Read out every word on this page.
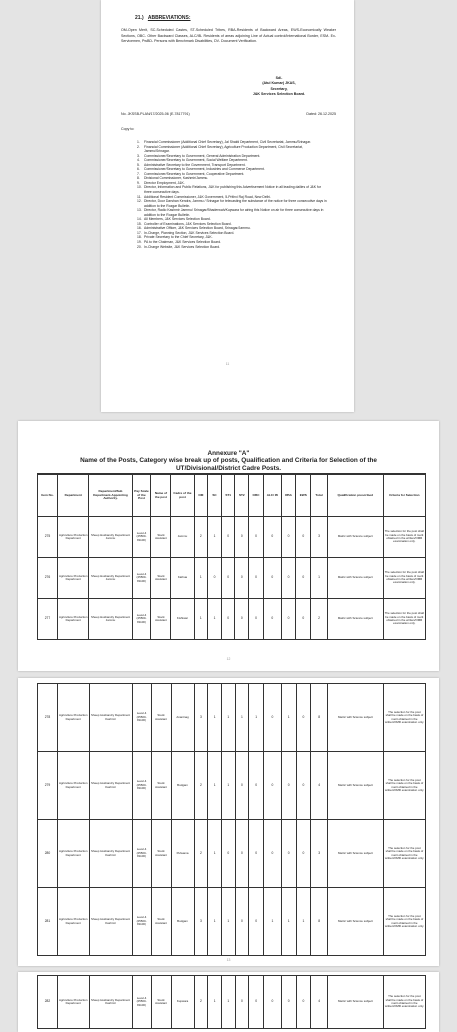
21.) ABBREVIATIONS:
OM-Open Merit, SC-Scheduled Castes, ST-Scheduled Tribes, RBA-Residents of Backward Areas, EWS-Economically Weaker Sections, OBC- Other Backward Classes, ALC/IB- Residents of areas adjoining Line of Actual control/International Border, ESM- Ex-Servicemen, PwBD- Persons with Benchmark Disabilities, DV- Document Verification.
Sd/-
(Atul Kumar) JKAS,
Secretary,
J&K Services Selection Board.
No. JKSSB-PLAN/17/2025-06 (E-7817791)	Dated: 26.12.2025
Copy to:
1.	Financial Commissioner (Additional Chief Secretary), Jal Shakti Department, Civil Secretariat, Jammu/Srinagar.
2.	Financial Commissioner (Additional Chief Secretary), Agriculture Production Department, Civil Secretariat, Jammu/Srinagar.
3.	Commissioner/Secretary to Government, General Administration Department.
4.	Commissioner/Secretary to Government, Social Welfare Department.
5.	Administrative Secretary to the Government, Transport Department.
6.	Commissioner/Secretary to Government, Industries and Commerce Department.
7.	Commissioner/Secretary to Government, Cooperative Department.
8.	Divisional Commissioner, Kashmir/Jammu.
9.	Director Employment, J&K.
10. Director, Information and Public Relations, J&K for publishing this Advertisement Notice in all leading dailies of J&K for three consecutive days.
11. Additional Resident Commissioner, J&K Government, 5-Prithvi Raj Road, New Delhi.
12. Director, Door Darshan Kendra, Jammu / Srinagar for telecasting the substance of the notice for three consecutive days in addition to the Rozgar Bulletin.
13. Director, Radio Kashmir Jammu/ Srinagar/Bhaderwah/Kupwara for airing this Notice on air for three consecutive days in addition to the Rozgar Bulletin.
14. All Members, J&K Services Selection Board.
15. Controller of Examinations, J&K Services Selection Board.
16. Administrative Officer, J&K Services Selection Board, Srinagar/Jammu.
17. In-Charge, Planning Section, J&K Services Selection Board.
18. Private Secretary to the Chief Secretary, J&K.
19. PA to the Chairman, J&K Services Selection Board.
20. In-Charge Website, J&K Services Selection Board.
11
Annexure "A"
Name of the Posts, Category wise break up of posts, Qualification and Criteria for Selection of the
UT/Divisional/District Cadre Posts.

Item No.	Department	Department/Sub Department-Appointing Authority.	Pay Scale of the Post	Name of the post	Cadre of the post	OM	SC	ST1	ST2	OBC	ALC/ IB	RBA	EWS	Total	Qualification prescribed	Criteria for Selection
275	Agriculture Production Department	Sheep Husbandry Department Jammu	Level-4 (25500-81100)	Stock Assistant	Jammu	2	1	0	0	0	0	0	0	3	Matric with Science subject	The selection for the post shall be made on the basis of merit obtained in the written/OMR examination only.
276	Agriculture Production Department	Sheep Husbandry Department Jammu	Level-4 (25500-81100)	Stock Assistant	Kathua	1	0	0	0	0	0	0	0	1	Matric with Science subject	The selection for the post shall be made on the basis of merit obtained in the written/OMR examination only.
277	Agriculture Production Department	Sheep Husbandry Department Jammu	Level-4 (25500-81100)	Stock Assistant	Kishtwar	1	1	0	0	0	0	0	0	2	Matric with Science subject	The selection for the post shall be made on the basis of merit obtained in the written/OMR examination only.
12
278	Agriculture Production Department	Sheep Husbandry Department Kashmir	Level-4 (25500-81100)	Stock Assistant	Anantnag	3	1	1	1	1	0	1	0	8	Matric with Science subject	The selection for the post shall be made on the basis of merit obtained in the written/OMR examination only.
279	Agriculture Production Department	Sheep Husbandry Department Kashmir	Level-4 (25500-81100)	Stock Assistant	Budgam	2	1	1	0	0	0	0	0	4	Matric with Science subject	The selection for the post shall be made on the basis of merit obtained in the written/OMR examination only.
280	Agriculture Production Department	Sheep Husbandry Department Kashmir	Level-4 (25500-81100)	Stock Assistant	Pulwama	2	1	0	0	0	0	0	0	3	Matric with Science subject	The selection for the post shall be made on the basis of merit obtained in the written/OMR examination only.
281	Agriculture Production Department	Sheep Husbandry Department Kashmir	Level-4 (25500-81100)	Stock Assistant	Budgam	3	1	1	0	0	1	1	1	8	Matric with Science subject	The selection for the post shall be made on the basis of merit obtained in the written/OMR examination only.
13
282	Agriculture Production Department	Sheep Husbandry Department Kashmir	Level-4 (25500-81100)	Stock Assistant	Kupwara	2	1	1	0	0	0	0	0	4	Matric with Science subject	The selection for the post shall be made on the basis of merit obtained in the written/OMR examination only.
